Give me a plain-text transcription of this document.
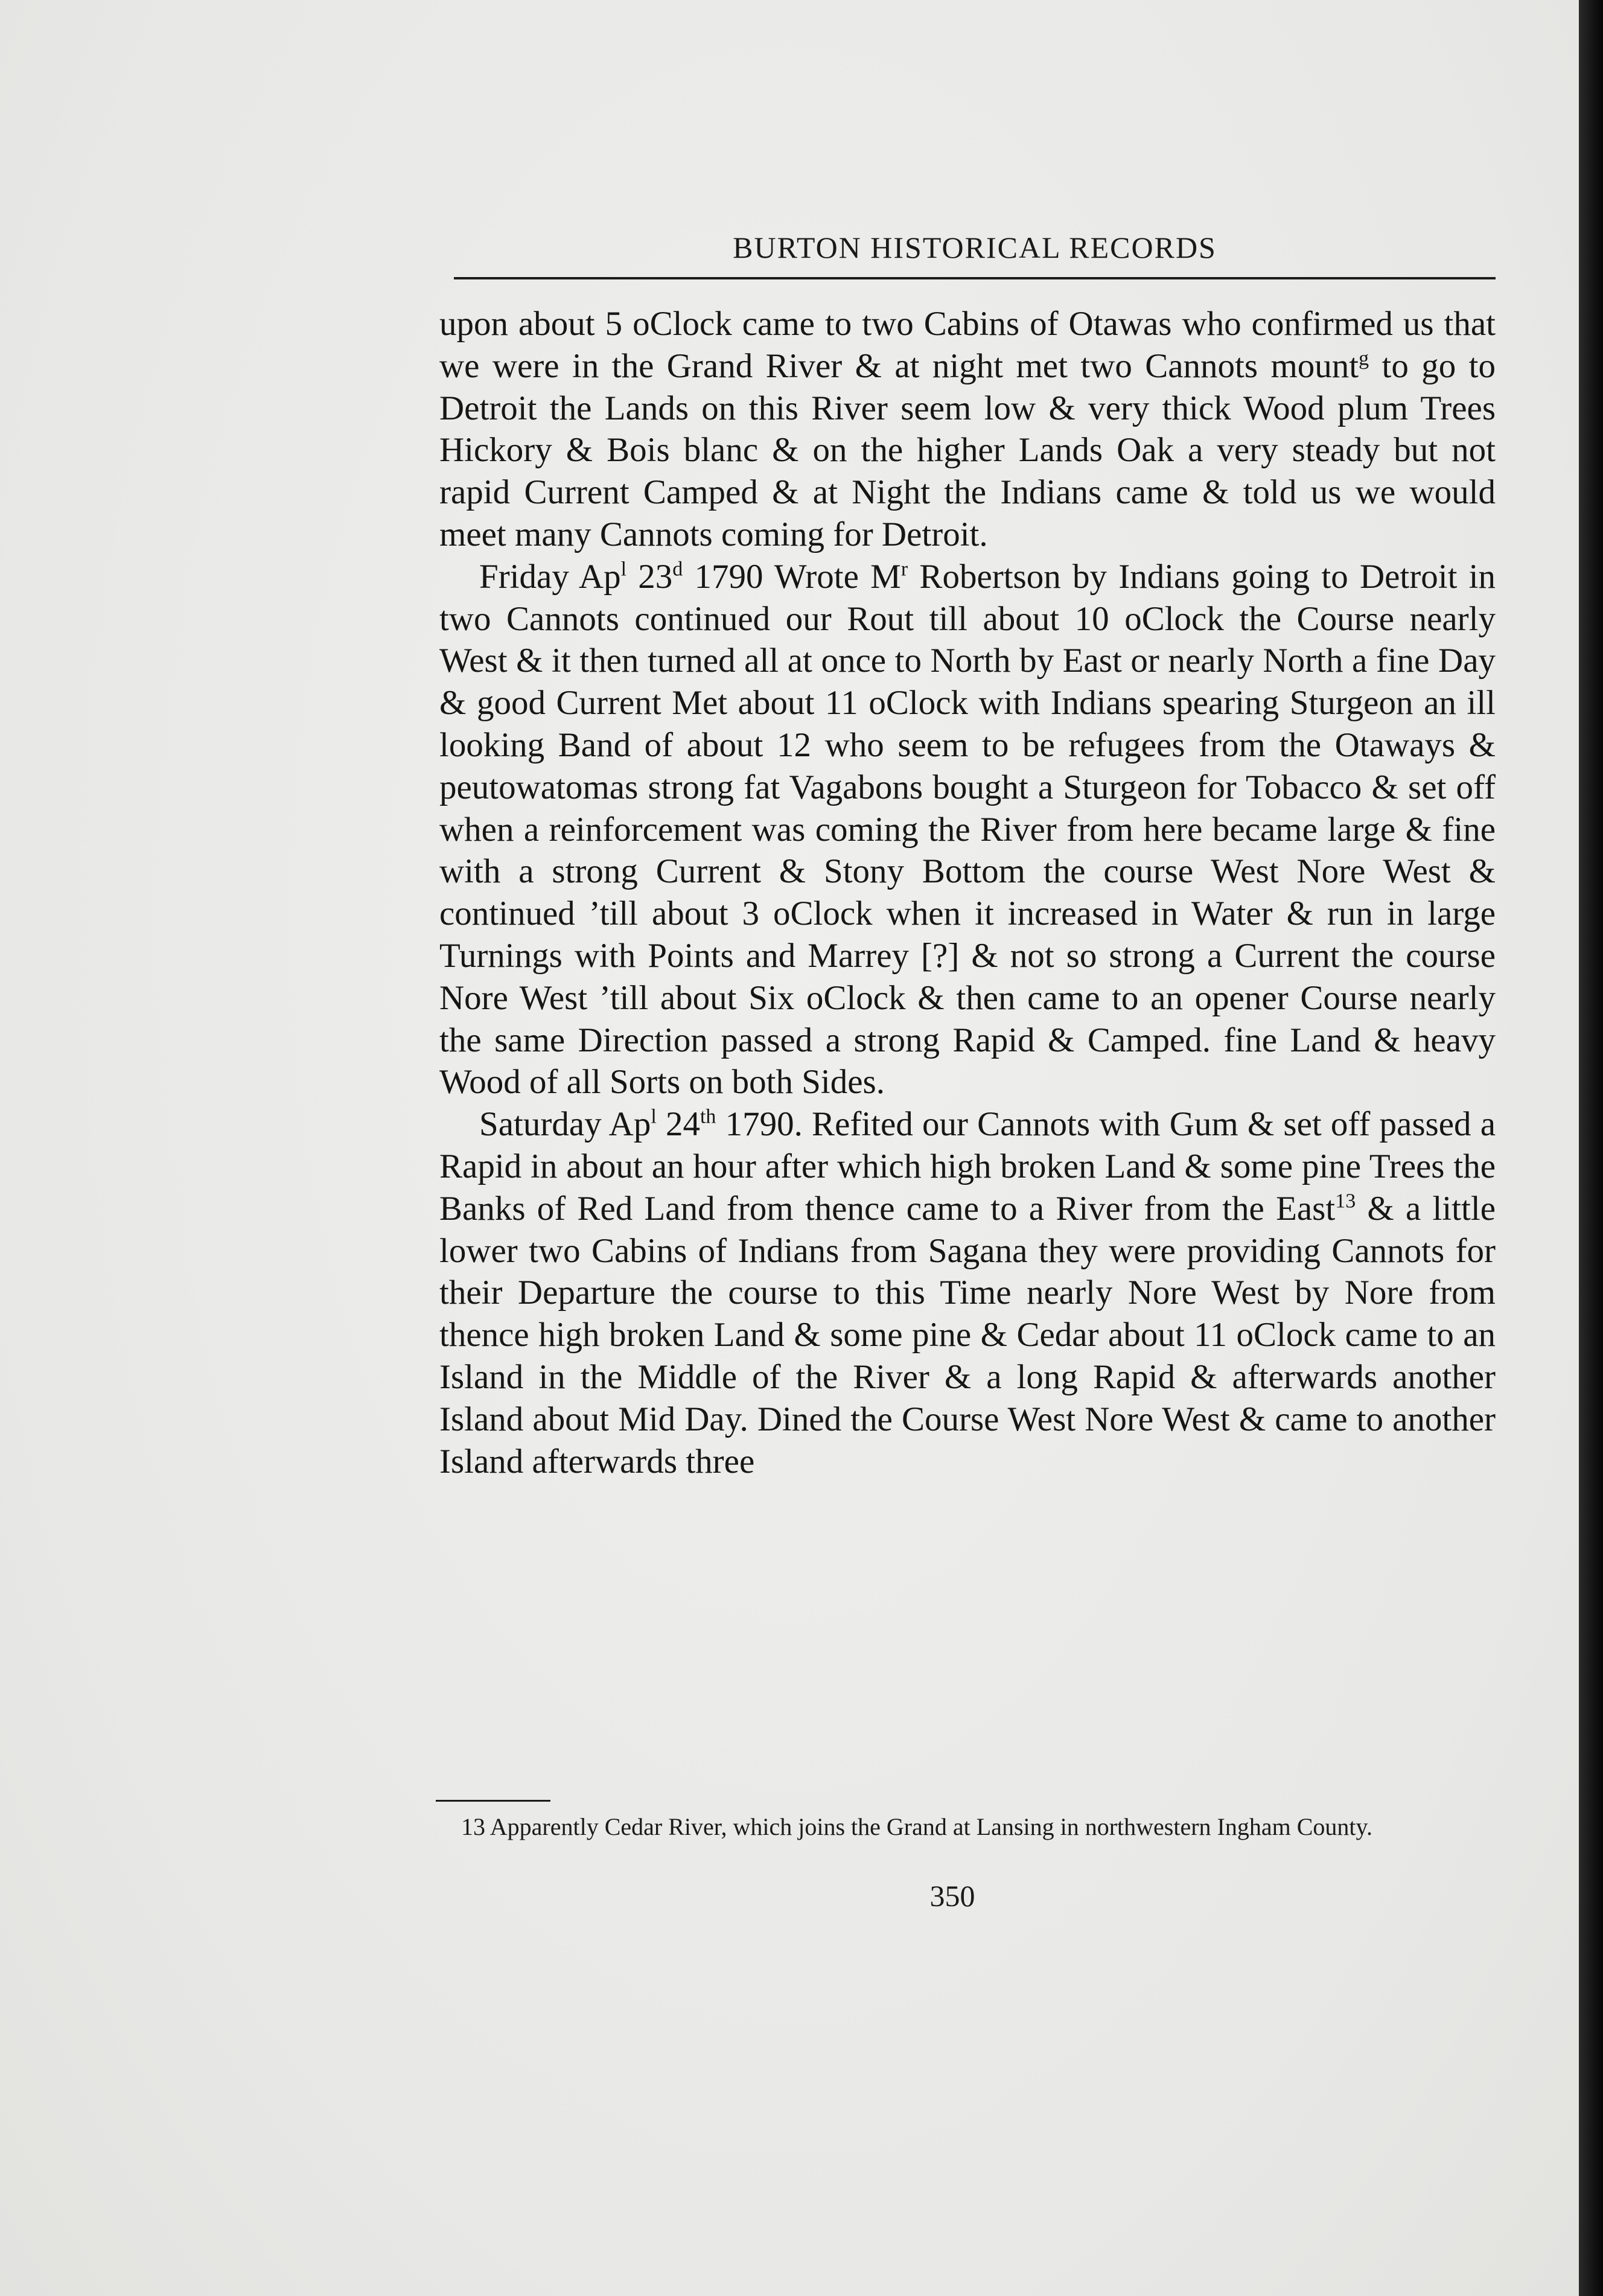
BURTON HISTORICAL RECORDS

upon about 5 oClock came to two Cabins of Otawas who confirmed us that we were in the Grand River & at night met two Cannots mount$^g$ to go to Detroit the Lands on this River seem low & very thick Wood plum Trees Hickory & Bois blanc & on the higher Lands Oak a very steady but not rapid Current Camped & at Night the Indians came & told us we would meet many Cannots coming for Detroit.

Friday Ap$^l$ 23$^d$ 1790 Wrote $M^r$ Robertson by Indians going to Detroit in two Cannots continued our Rout till about 10 oClock the Course nearly West & it then turned all at once to North by East or nearly North a fine Day & good Current Met about 11 oClock with Indians spearing Sturgeon an ill looking Band of about 12 who seem to be refugees from the Otaways & peutowatomas strong fat Vagabons bought a Sturgeon for Tobacco & set off when a reinforcement was coming the River from here became large & fine with a strong Current & Stony Bottom the course West Nore West & continued ’till about 3 oClock when it increased in Water & run in large Turnings with Points and Marrey [?] & not so strong a Current the course Nore West ’till about Six oClock & then came to an opener Course nearly the same Direction passed a strong Rapid & Camped. fine Land & heavy Wood of all Sorts on both Sides.

Saturday Ap$^l$ 24th 1790. Refited our Cannots with Gum & set off passed a Rapid in about an hour after which high broken Land & some pine Trees the Banks of Red Land from thence came to a River from the East$^{13}$ & a little lower two Cabins of Indians from Sagana they were providing Cannots for their Departure the course to this Time nearly Nore West by Nore from thence high broken Land & some pine & Cedar about 11 oClock came to an Island in the Middle of the River & a long Rapid & afterwards another Island about Mid Day. Dined the Course West Nore West & came to another Island afterwards three

13 Apparently Cedar River, which joins the Grand at Lansing in northwestern Ingham County.
350
